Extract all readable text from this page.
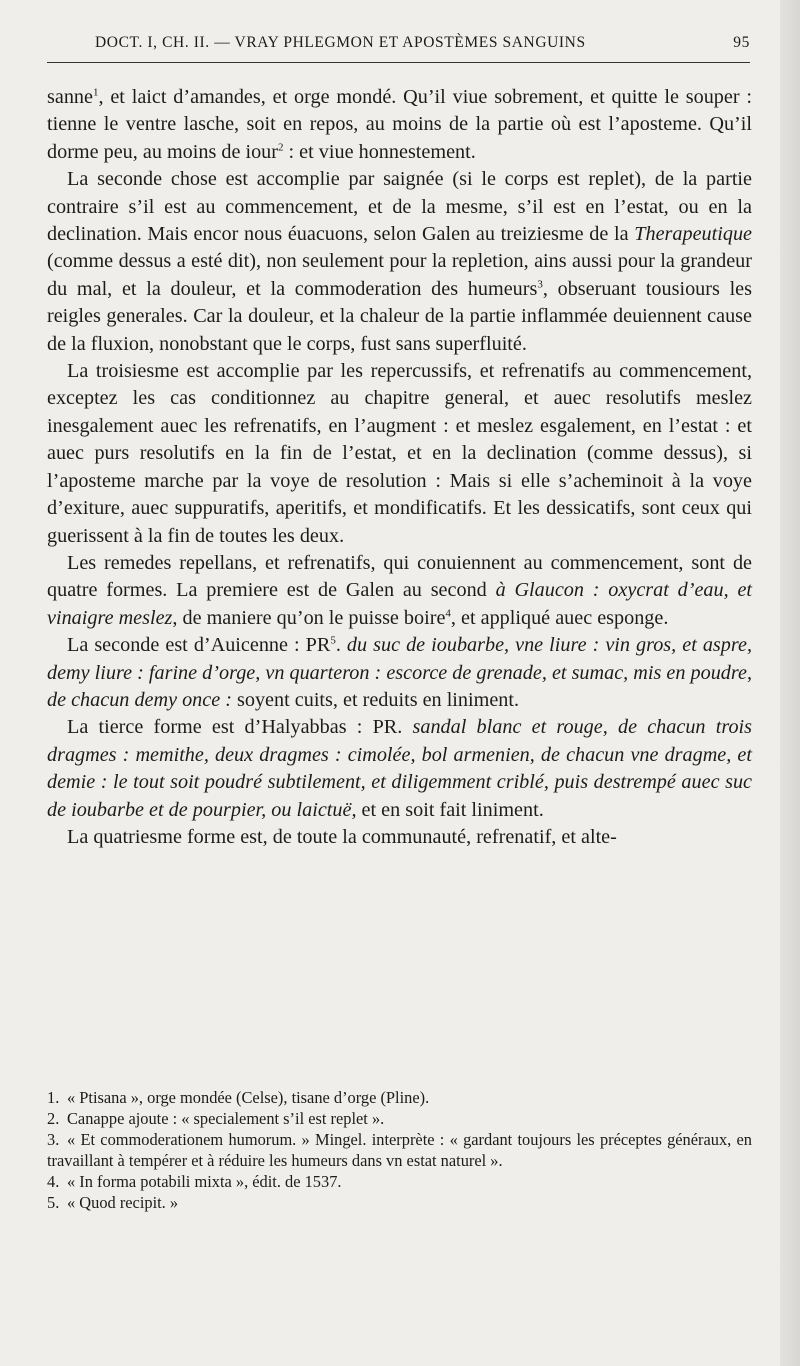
DOCT. I, CH. II. — VRAY PHLEGMON ET APOSTÈMES SANGUINS	95

sanne$^1$, et laict d’amandes, et orge mondé. Qu’il viue sobrement, et quitte le souper : tienne le ventre lasche, soit en repos, au moins de la partie où est l’aposteme. Qu’il dorme peu, au moins de iour$^2$ : et viue honnestement.

La seconde chose est accomplie par saignée (si le corps est replet), de la partie contraire s’il est au commencement, et de la mesme, s’il est en l’estat, ou en la declination. Mais encor nous éuacuons, selon Galen au treiziesme de la Therapeutique (comme dessus a esté dit), non seulement pour la repletion, ains aussi pour la grandeur du mal, et la douleur, et la commoderation des humeurs$^3$, obseruant tousiours les reigles generales. Car la douleur, et la chaleur de la partie inflammée deuiennent cause de la fluxion, nonobstant que le corps, fust sans superfluité.

La troisiesme est accomplie par les repercussifs, et refrenatifs au commencement, exceptez les cas conditionnez au chapitre general, et auec resolutifs meslez inesgalement auec les refrenatifs, en l’augment : et meslez esgalement, en l’estat : et auec purs resolutifs en la fin de l’estat, et en la declination (comme dessus), si l’aposteme marche par la voye de resolution : Mais si elle s’acheminoit à la voye d’exiture, auec suppuratifs, aperitifs, et mondificatifs. Et les dessicatifs, sont ceux qui guerissent à la fin de toutes les deux.

Les remedes repellans, et refrenatifs, qui conuiennent au commencement, sont de quatre formes. La premiere est de Galen au second à Glaucon : oxycrat d’eau, et vinaigre meslez, de maniere qu’on le puisse boire$^4$, et appliqué auec esponge.

La seconde est d’Auicenne : $PR^5$. du suc de ioubarbe, vne liure : vin gros, et aspre, demy liure : farine d’orge, vn quarteron : escorce de grenade, et sumac, mis en poudre, de chacun demy once : soyent cuits, et reduits en liniment.

La tierce forme est d’Halyabbas : PR. sandal blanc et rouge, de chacun trois dragmes : memithe, deux dragmes : cimolée, bol armenien, de chacun vne dragme, et demie : le tout soit poudré subtilement, et diligemment criblé, puis destrempé auec suc de ioubarbe et de pourpier, ou laictuë, et en soit fait liniment.

La quatriesme forme est, de toute la communauté, refrenatif, et alte-

1. « Ptisana », orge mondée (Celse), tisane d’orge (Pline).

2. Canappe ajoute : « specialement s’il est replet ».

3. « Et commoderationem humorum. » Mingel. interprète : « gardant toujours les préceptes généraux, en travaillant à tempérer et à réduire les humeurs dans vn estat naturel ».

4. « In forma potabili mixta », édit. de 1537.

5. « Quod recipit. »
